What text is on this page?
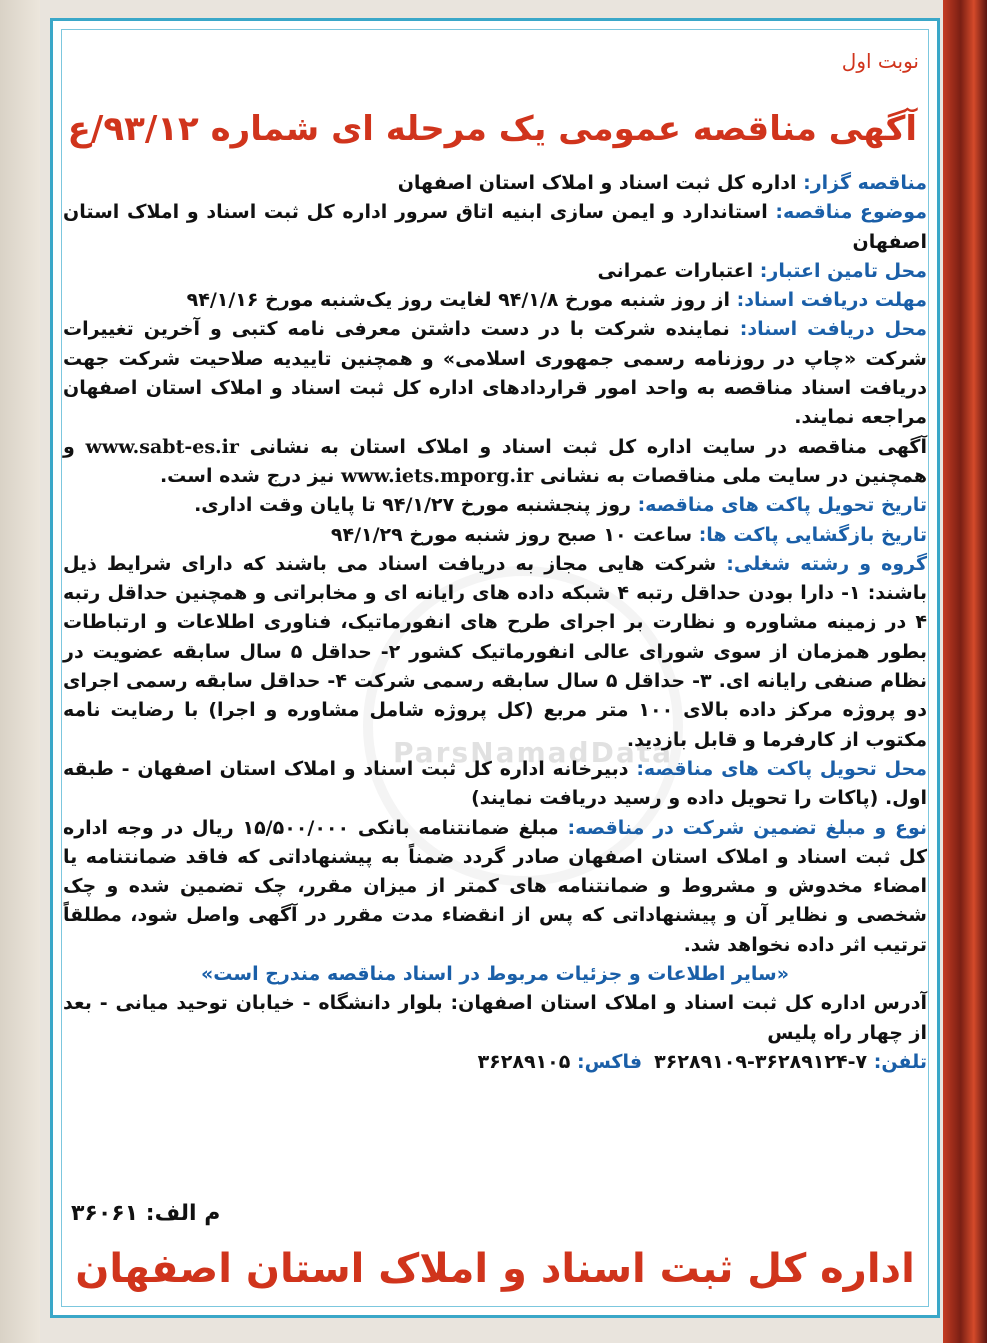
ParsNamadData
نوبت اول
آگهی مناقصه عمومی یک مرحله ای شماره ۹۳/۱۲/ع

مناقصه گزار: اداره کل ثبت اسناد و املاک استان اصفهان

موضوع مناقصه: استاندارد و ایمن سازی ابنیه اتاق سرور اداره کل ثبت اسناد و املاک استان اصفهان

محل تامین اعتبار: اعتبارات عمرانی

مهلت دریافت اسناد: از روز شنبه مورخ ۹۴/۱/۸ لغایت روز یک‌شنبه مورخ ۹۴/۱/۱۶

محل دریافت اسناد: نماینده شرکت با در دست داشتن معرفی نامه کتبی و آخرین تغییرات شرکت «چاپ در روزنامه رسمی جمهوری اسلامی» و همچنین تاییدیه صلاحیت شرکت جهت دریافت اسناد مناقصه به واحد امور قراردادهای اداره کل ثبت اسناد و املاک استان اصفهان مراجعه نمایند.

آگهی مناقصه در سایت اداره کل ثبت اسناد و املاک استان به نشانی www.sabt-es.ir و همچنین در سایت ملی مناقصات به نشانی www.iets.mporg.ir نیز درج شده است.

تاریخ تحویل پاکت های مناقصه: روز پنجشنبه مورخ ۹۴/۱/۲۷ تا پایان وقت اداری.

تاریخ بازگشایی پاکت ها: ساعت ۱۰ صبح روز شنبه مورخ ۹۴/۱/۲۹

گروه و رشته شغلی: شرکت هایی مجاز به دریافت اسناد می باشند که دارای شرایط ذیل باشند: ۱- دارا بودن حداقل رتبه ۴ شبکه داده های رایانه ای و مخابراتی و همچنین حداقل رتبه ۴ در زمینه مشاوره و نظارت بر اجرای طرح های انفورماتیک، فناوری اطلاعات و ارتباطات بطور همزمان از سوی شورای عالی انفورماتیک کشور ۲- حداقل ۵ سال سابقه عضویت در نظام صنفی رایانه ای. ۳- حداقل ۵ سال سابقه رسمی شرکت ۴- حداقل سابقه رسمی اجرای دو پروژه مرکز داده بالای ۱۰۰ متر مربع (کل پروژه شامل مشاوره و اجرا) با رضایت نامه مکتوب از کارفرما و قابل بازدید.

محل تحویل پاکت های مناقصه: دبیرخانه اداره کل ثبت اسناد و املاک استان اصفهان - طبقه اول. (پاکات را تحویل داده و رسید دریافت نمایند)

نوع و مبلغ تضمین شرکت در مناقصه: مبلغ ضمانتنامه بانکی ۱۵/۵۰۰/۰۰۰ ریال در وجه اداره کل ثبت اسناد و املاک استان اصفهان صادر گردد ضمناً به پیشنهاداتی که فاقد ضمانتنامه یا امضاء مخدوش و مشروط و ضمانتنامه های کمتر از میزان مقرر، چک تضمین شده و چک شخصی و نظایر آن و پیشنهاداتی که پس از انقضاء مدت مقرر در آگهی واصل شود، مطلقاً ترتیب اثر داده نخواهد شد.

«سایر اطلاعات و جزئیات مربوط در اسناد مناقصه مندرج است»

آدرس اداره کل ثبت اسناد و املاک استان اصفهان: بلوار دانشگاه - خیابان توحید میانی - بعد از چهار راه پلیس

تلفن: ۷-۳۶۲۸۹۱۲۴-۳۶۲۸۹۱۰۹  فاکس: ۳۶۲۸۹۱۰۵

م الف: ۳۶۰۶۱
اداره کل ثبت اسناد و املاک استان اصفهان
